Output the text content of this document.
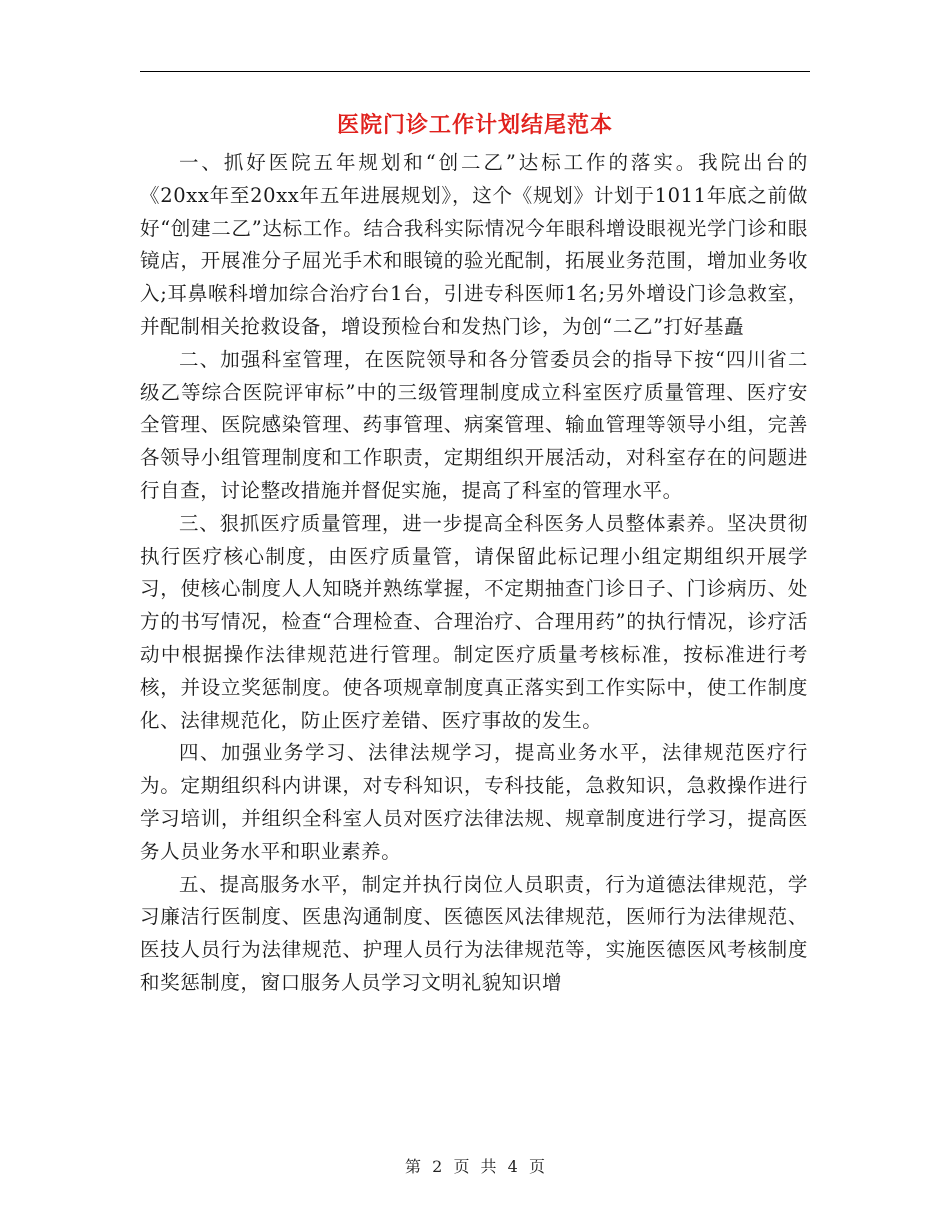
医院门诊工作计划结尾范本

一、抓好医院五年规划和“创二乙”达标工作的落实。我院出台的《20xx年至20xx年五年进展规划》，这个《规划》计划于1011年底之前做好“创建二乙”达标工作。结合我科实际情况今年眼科增设眼视光学门诊和眼镜店，开展准分子屈光手术和眼镜的验光配制，拓展业务范围，增加业务收入;耳鼻喉科增加综合治疗台1台，引进专科医师1名;另外增设门诊急救室，并配制相关抢救设备，增设预检台和发热门诊，为创“二乙”打好基矗

二、加强科室管理，在医院领导和各分管委员会的指导下按“四川省二级乙等综合医院评审标”中的三级管理制度成立科室医疗质量管理、医疗安全管理、医院感染管理、药事管理、病案管理、输血管理等领导小组，完善各领导小组管理制度和工作职责，定期组织开展活动，对科室存在的问题进行自查，讨论整改措施并督促实施，提高了科室的管理水平。

三、狠抓医疗质量管理，进一步提高全科医务人员整体素养。坚决贯彻执行医疗核心制度，由医疗质量管，请保留此标记理小组定期组织开展学习，使核心制度人人知晓并熟练掌握，不定期抽查门诊日子、门诊病历、处方的书写情况，检查“合理检查、合理治疗、合理用药”的执行情况，诊疗活动中根据操作法律规范进行管理。制定医疗质量考核标准，按标准进行考核，并设立奖惩制度。使各项规章制度真正落实到工作实际中，使工作制度化、法律规范化，防止医疗差错、医疗事故的发生。

四、加强业务学习、法律法规学习，提高业务水平，法律规范医疗行为。定期组织科内讲课，对专科知识，专科技能，急救知识，急救操作进行学习培训，并组织全科室人员对医疗法律法规、规章制度进行学习，提高医务人员业务水平和职业素养。

五、提高服务水平，制定并执行岗位人员职责，行为道德法律规范，学习廉洁行医制度、医患沟通制度、医德医风法律规范，医师行为法律规范、医技人员行为法律规范、护理人员行为法律规范等，实施医德医风考核制度和奖惩制度，窗口服务人员学习文明礼貌知识增

第 2 页 共 4 页
